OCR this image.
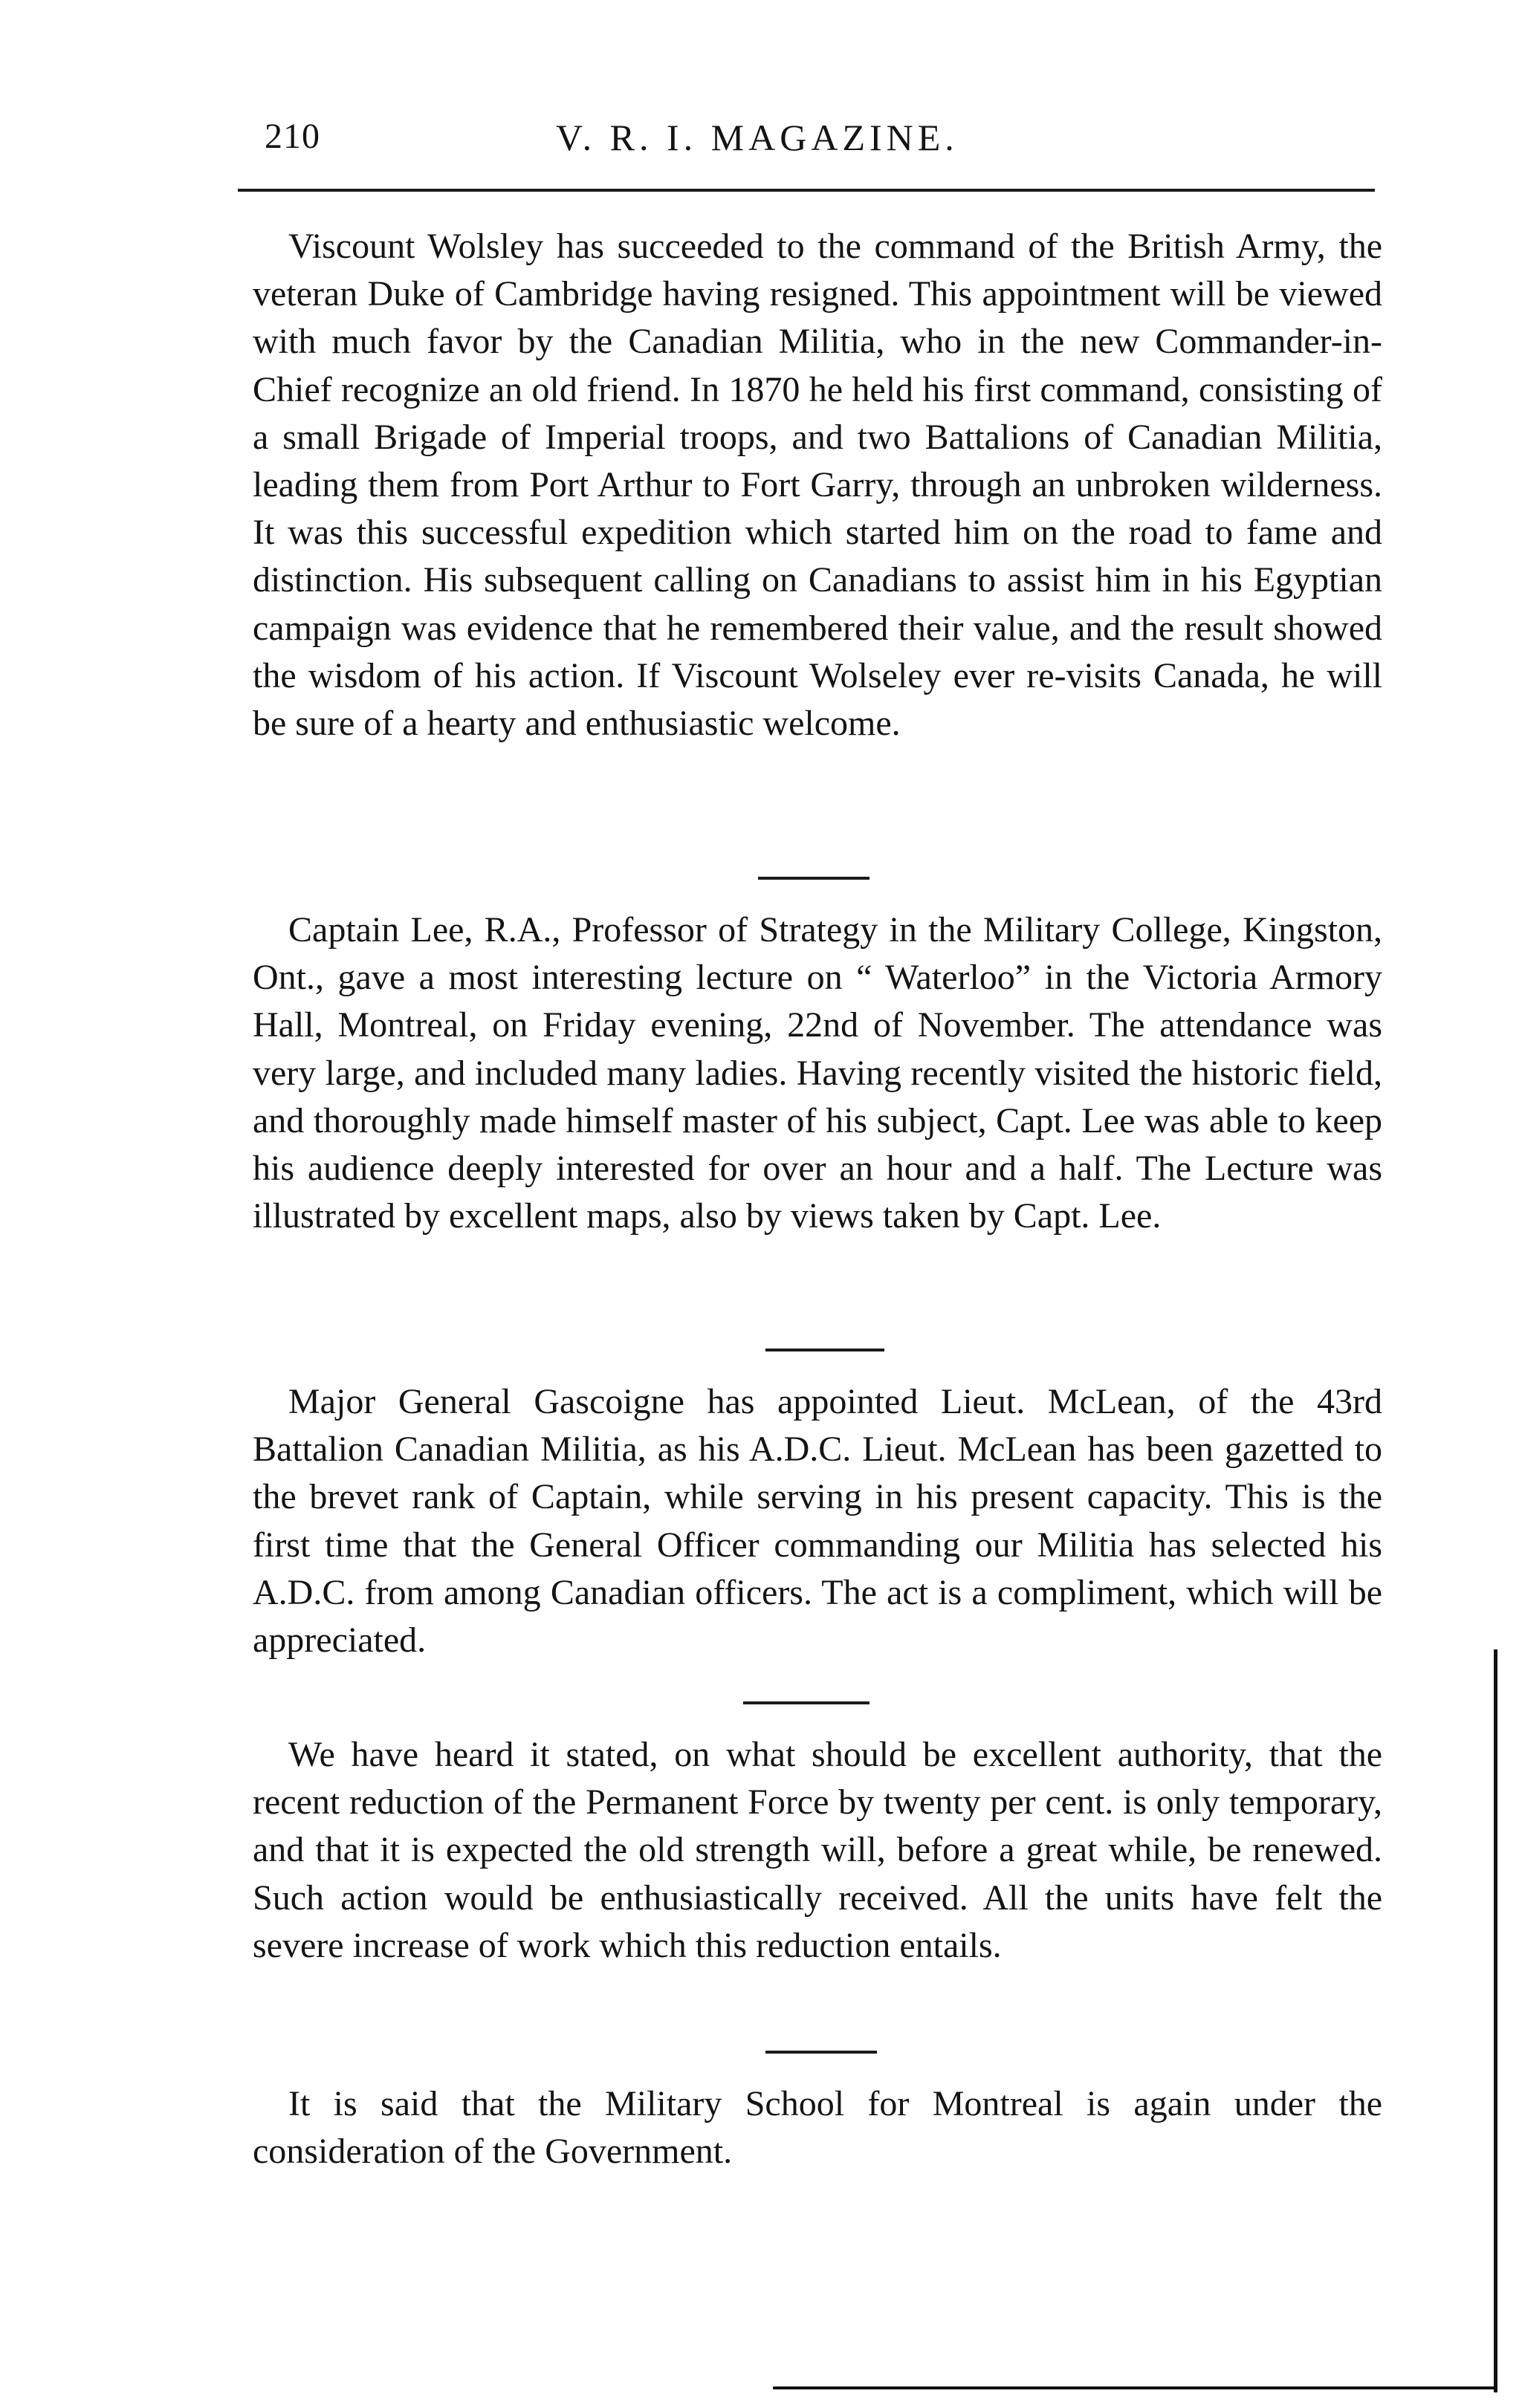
210	V. R. I. MAGAZINE.

Viscount Wolsley has succeeded to the command of the British Army, the veteran Duke of Cambridge having resigned. This appointment will be viewed with much favor by the Canadian Militia, who in the new Commander-in-Chief recognize an old friend. In 1870 he held his first command, consisting of a small Brigade of Imperial troops, and two Battalions of Canadian Militia, leading them from Port Arthur to Fort Garry, through an unbroken wilderness. It was this successful expedition which started him on the road to fame and distinction. His subsequent calling on Canadians to assist him in his Egyptian campaign was evidence that he remembered their value, and the result showed the wisdom of his action. If Viscount Wolseley ever re-visits Canada, he will be sure of a hearty and enthusiastic welcome.

Captain Lee, R.A., Professor of Strategy in the Military College, Kingston, Ont., gave a most interesting lecture on “ Waterloo” in the Victoria Armory Hall, Montreal, on Friday evening, 22nd of November. The attendance was very large, and included many ladies. Having recently visited the historic field, and thoroughly made himself master of his subject, Capt. Lee was able to keep his audience deeply interested for over an hour and a half. The Lecture was illustrated by excellent maps, also by views taken by Capt. Lee.

Major General Gascoigne has appointed Lieut. McLean, of the 43rd Battalion Canadian Militia, as his A.D.C. Lieut. McLean has been gazetted to the brevet rank of Captain, while serving in his present capacity. This is the first time that the General Officer commanding our Militia has selected his A.D.C. from among Canadian officers. The act is a compliment, which will be appreciated.

We have heard it stated, on what should be excellent authority, that the recent reduction of the Permanent Force by twenty per cent. is only temporary, and that it is expected the old strength will, before a great while, be renewed. Such action would be enthusiastically received. All the units have felt the severe increase of work which this reduction entails.

It is said that the Military School for Montreal is again under the consideration of the Government.
